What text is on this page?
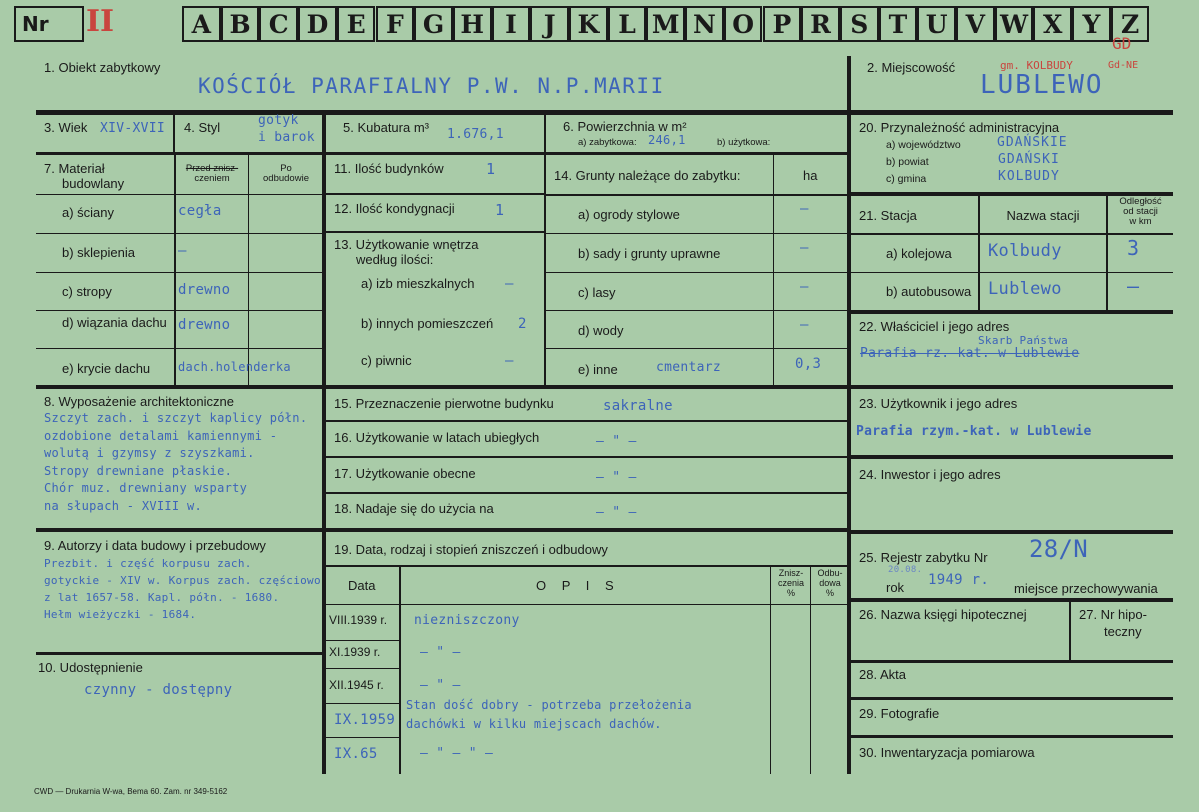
Nr II	A B C D E F G H I	J K L M N O P R S T U V W X Y Z
1. Obiekt zabytkowy
KOŚCIÓŁ PARAFIALNY P.W. N.P.MARII
2. Miejscowość
LUBLEWO
gm. KOLBUDY	Gd-NE
GD
3. Wiek XIV-XVII 4. Styl	gotyk
i barok
5. Kubatura m³ 1.676,1
6. Powierzchnia w m²
a) zabytkowa: 246,1	b) użytkowa:
7. Materiał
budowlany
Przed znisz-
czeniem
Po
odbudowie
a) ściany	cegła
b) sklepienia	—
c) stropy	drewno
d) wiązania dachu drewno
e) krycie dachu dach.holenderka
8. Wyposażenie architektoniczne
Szczyt zach. i szczyt kaplicy półn.
ozdobione detalami kamiennymi -
wolutą i gzymsy z szyszkami.
Stropy drewniane płaskie.
Chór muz. drewniany wsparty
na słupach - XVIII w.
9. Autorzy i data budowy i przebudowy
Prezbit. i część korpusu zach.
gotyckie - XIV w. Korpus zach. częściowo
z lat 1657-58. Kapl. półn. - 1680.
Hełm wieżyczki - 1684.
10. Udostępnienie
czynny - dostępny
11. Ilość budynków	1
12. Ilość kondygnacji	1
13. Użytkowanie wnętrza
według ilości:
a) izb mieszkalnych —
b) innych pomieszczeń 2
c) piwnic	—
14. Grunty należące do zabytku:	ha
a) ogrody stylowe	—
b) sady i grunty uprawne	—
c) lasy	—
d) wody	—
e) inne	cmentarz	0,3
15. Przeznaczenie pierwotne budynku	sakralne
16. Użytkowanie w latach ubiegłych	— " —
17. Użytkowanie obecne	— " —
18. Nadaje się do użycia na	— " —
19. Data, rodzaj i stopień zniszczeń i odbudowy
Data	O P I S
Znisz-
czenia
%
Odbu-
dowa
%
VIII.1939 r. niezniszczony
XI.1939 r.	— " —
XII.1945 r.	— " —
IX.1959
Stan dość dobry - potrzeba przełożenia
dachówki w kilku miejscach dachów.
IX.65	— " — " —
20. Przynależność administracyjna
a) województwo	GDAŃSKIE
b) powiat	GDAŃSKI
c) gmina	KOLBUDY
21. Stacja	Nazwa stacji
Odległość
od stacji
w km
a) kolejowa Kolbudy	3
b) autobusowa Lublewo	—
22. Właściciel i jego adres
Skarb Państwa
Parafia rz. kat. w Lublewie
23. Użytkownik i jego adres
Parafia rzym.-kat. w Lublewie
24. Inwestor i jego adres
25. Rejestr zabytku Nr 28/N
rok
20.08.
1949 r.
miejsce przechowywania
26. Nazwa księgi hipotecznej	27. Nr hipo-
teczny
28. Akta
29. Fotografie
30. Inwentaryzacja pomiarowa
CWD — Drukarnia W-wa, Bema 60. Zam. nr 349-5162
